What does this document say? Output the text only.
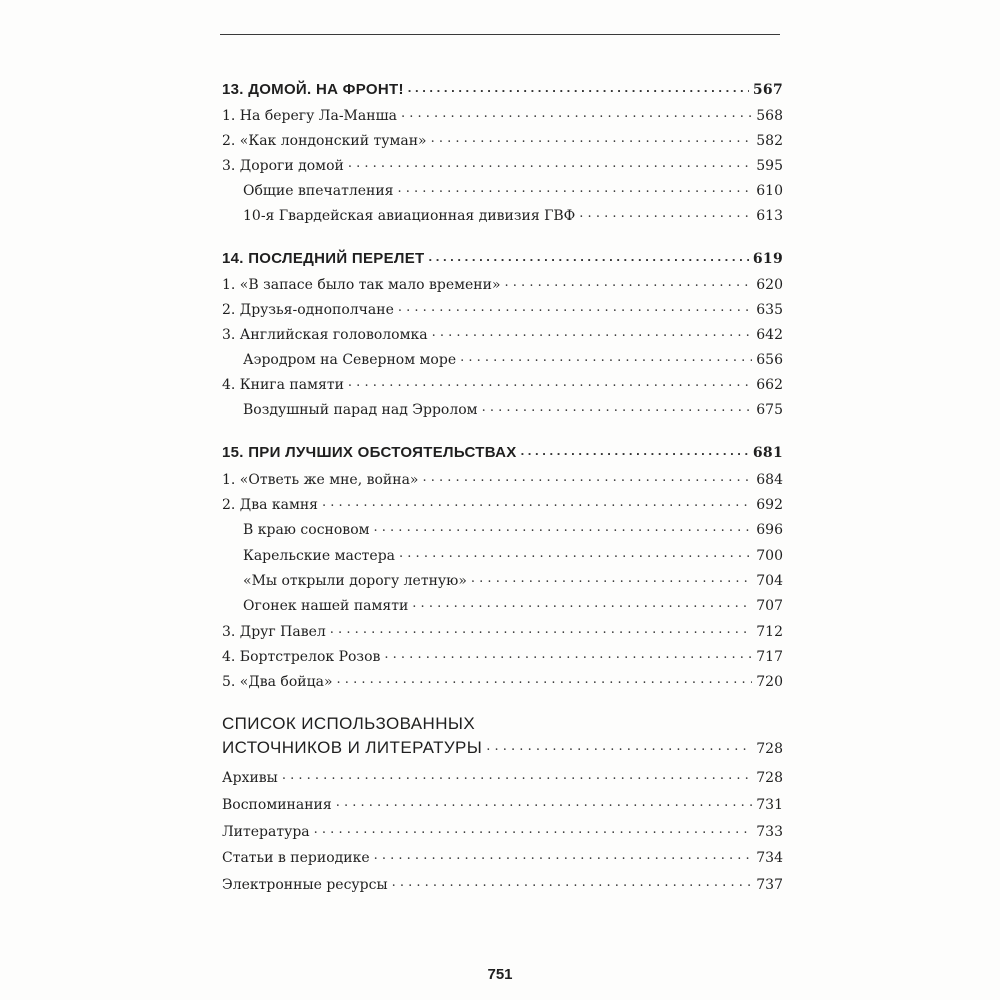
13. ДОМОЙ. НА ФРОНТ! . . .	567
1. На берегу Ла-Манша . . .	568
2. «Как лондонский туман» . . .	582
3. Дороги домой . . .	595
Общие впечатления . . .	610
10-я Гвардейская авиационная дивизия ГВФ . . .	613
14. ПОСЛЕДНИЙ ПЕРЕЛЕТ . . .	619
1. «В запасе было так мало времени» . . .	620
2. Друзья-однополчане . . .	635
3. Английская головоломка . . .	642
Аэродром на Северном море . . .	656
4. Книга памяти . . .	662
Воздушный парад над Эрролом . . .	675
15. ПРИ ЛУЧШИХ ОБСТОЯТЕЛЬСТВАХ . . .	681
1. «Ответь же мне, война» . . .	684
2. Два камня . . .	692
В краю сосновом . . .	696
Карельские мастера . . .	700
«Мы открыли дорогу летную» . . .	704
Огонек нашей памяти . . .	707
3. Друг Павел . . .	712
4. Бортстрелок Розов . . .	717
5. «Два бойца» . . .	720
СПИСОК ИСПОЛЬЗОВАННЫХ
ИСТОЧНИКОВ И ЛИТЕРАТУРЫ . . .	728
Архивы . . .	728
Воспоминания . . .	731
Литература . . .	733
Статьи в периодике . . .	734
Электронные ресурсы . . .	737
751
